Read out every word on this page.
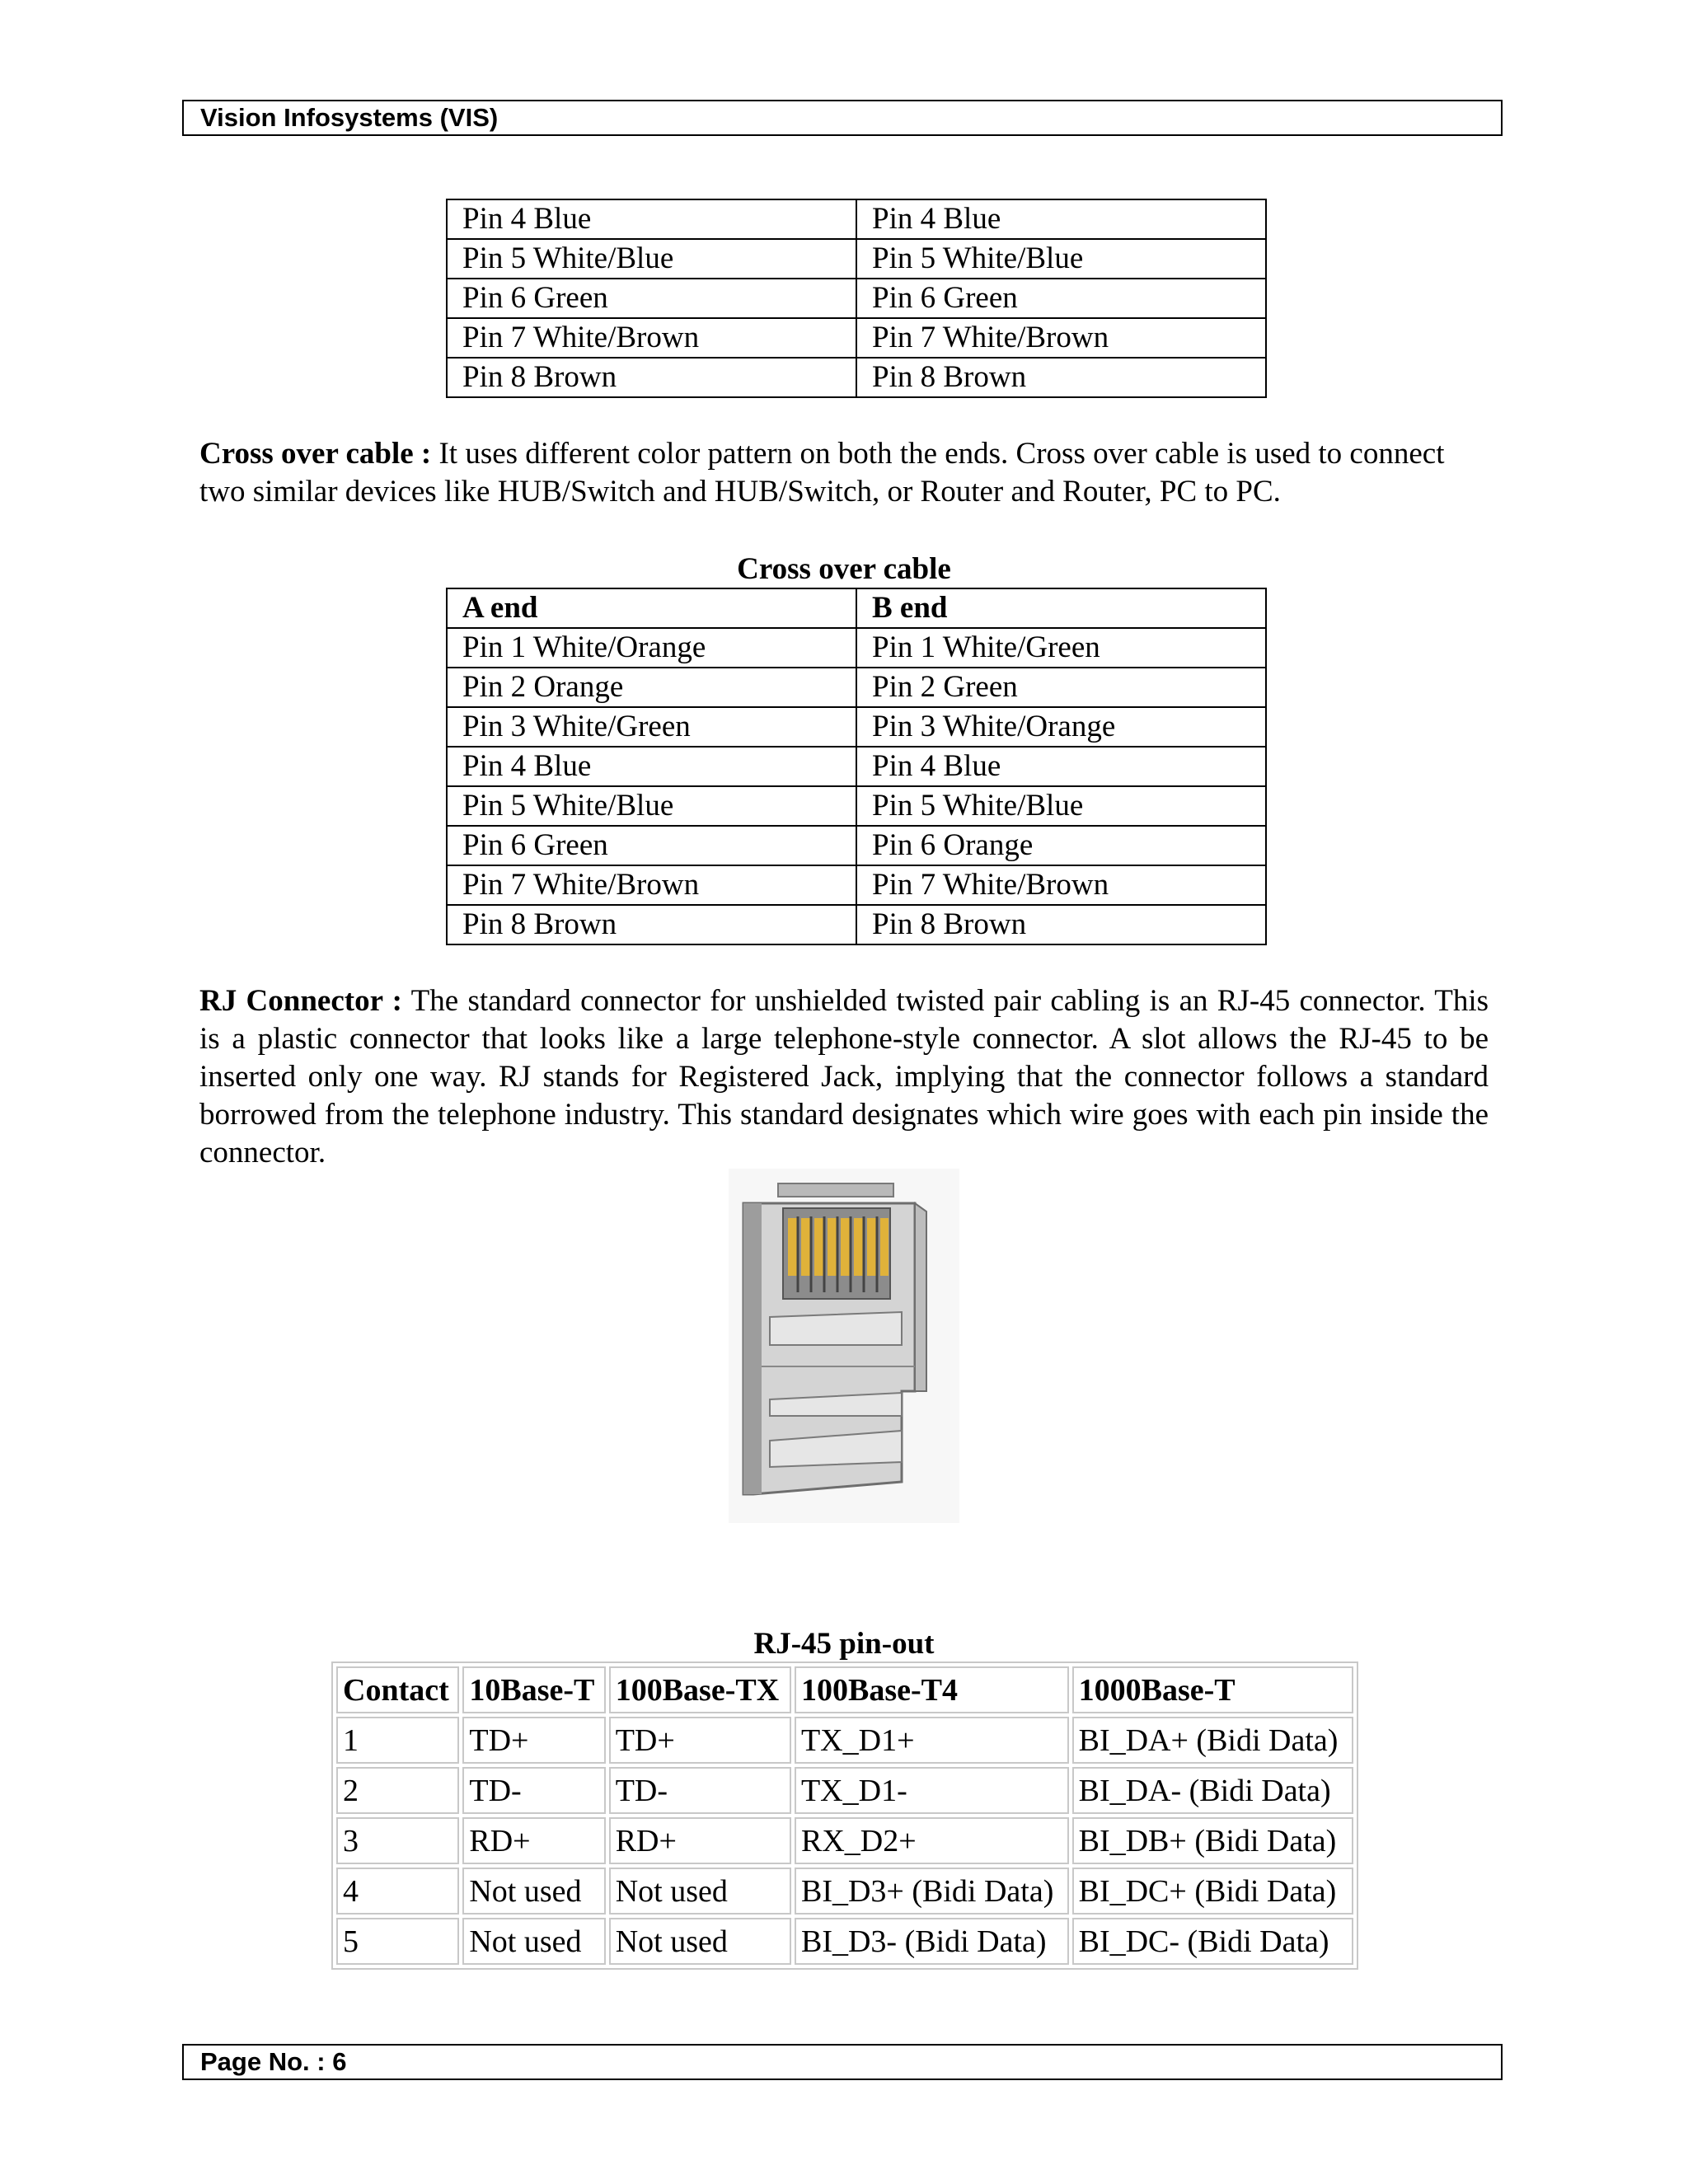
Vision Infosystems (VIS)
Pin 4 Blue	Pin 4 Blue
Pin 5 White/Blue	Pin 5 White/Blue
Pin 6 Green	Pin 6 Green
Pin 7 White/Brown	Pin 7 White/Brown
Pin 8 Brown	Pin 8 Brown
Cross over cable : It uses different color pattern on both the ends. Cross over cable is used to connect two similar devices like HUB/Switch and HUB/Switch, or Router and Router, PC to PC.
Cross over cable
A end	B end
Pin 1 White/Orange	Pin 1 White/Green
Pin 2 Orange	Pin 2 Green
Pin 3 White/Green	Pin 3 White/Orange
Pin 4 Blue	Pin 4 Blue
Pin 5 White/Blue	Pin 5 White/Blue
Pin 6 Green	Pin 6 Orange
Pin 7 White/Brown	Pin 7 White/Brown
Pin 8 Brown	Pin 8 Brown
RJ Connector : The standard connector for unshielded twisted pair cabling is an RJ-45 connector. This is a plastic connector that looks like a large telephone-style connector. A slot allows the RJ-45 to be inserted only one way. RJ stands for Registered Jack, implying that the connector follows a standard borrowed from the telephone industry. This standard designates which wire goes with each pin inside the connector.
RJ-45 pin-out
Contact	10Base-T	100Base-TX	100Base-T4	1000Base-T
1	TD+	TD+	TX_D1+	BI_DA+ (Bidi Data)
2	TD-	TD-	TX_D1-	BI_DA- (Bidi Data)
3	RD+	RD+	RX_D2+	BI_DB+ (Bidi Data)
4	Not used	Not used	BI_D3+ (Bidi Data)	BI_DC+ (Bidi Data)
5	Not used	Not used	BI_D3- (Bidi Data)	BI_DC- (Bidi Data)
Page No. : 6
